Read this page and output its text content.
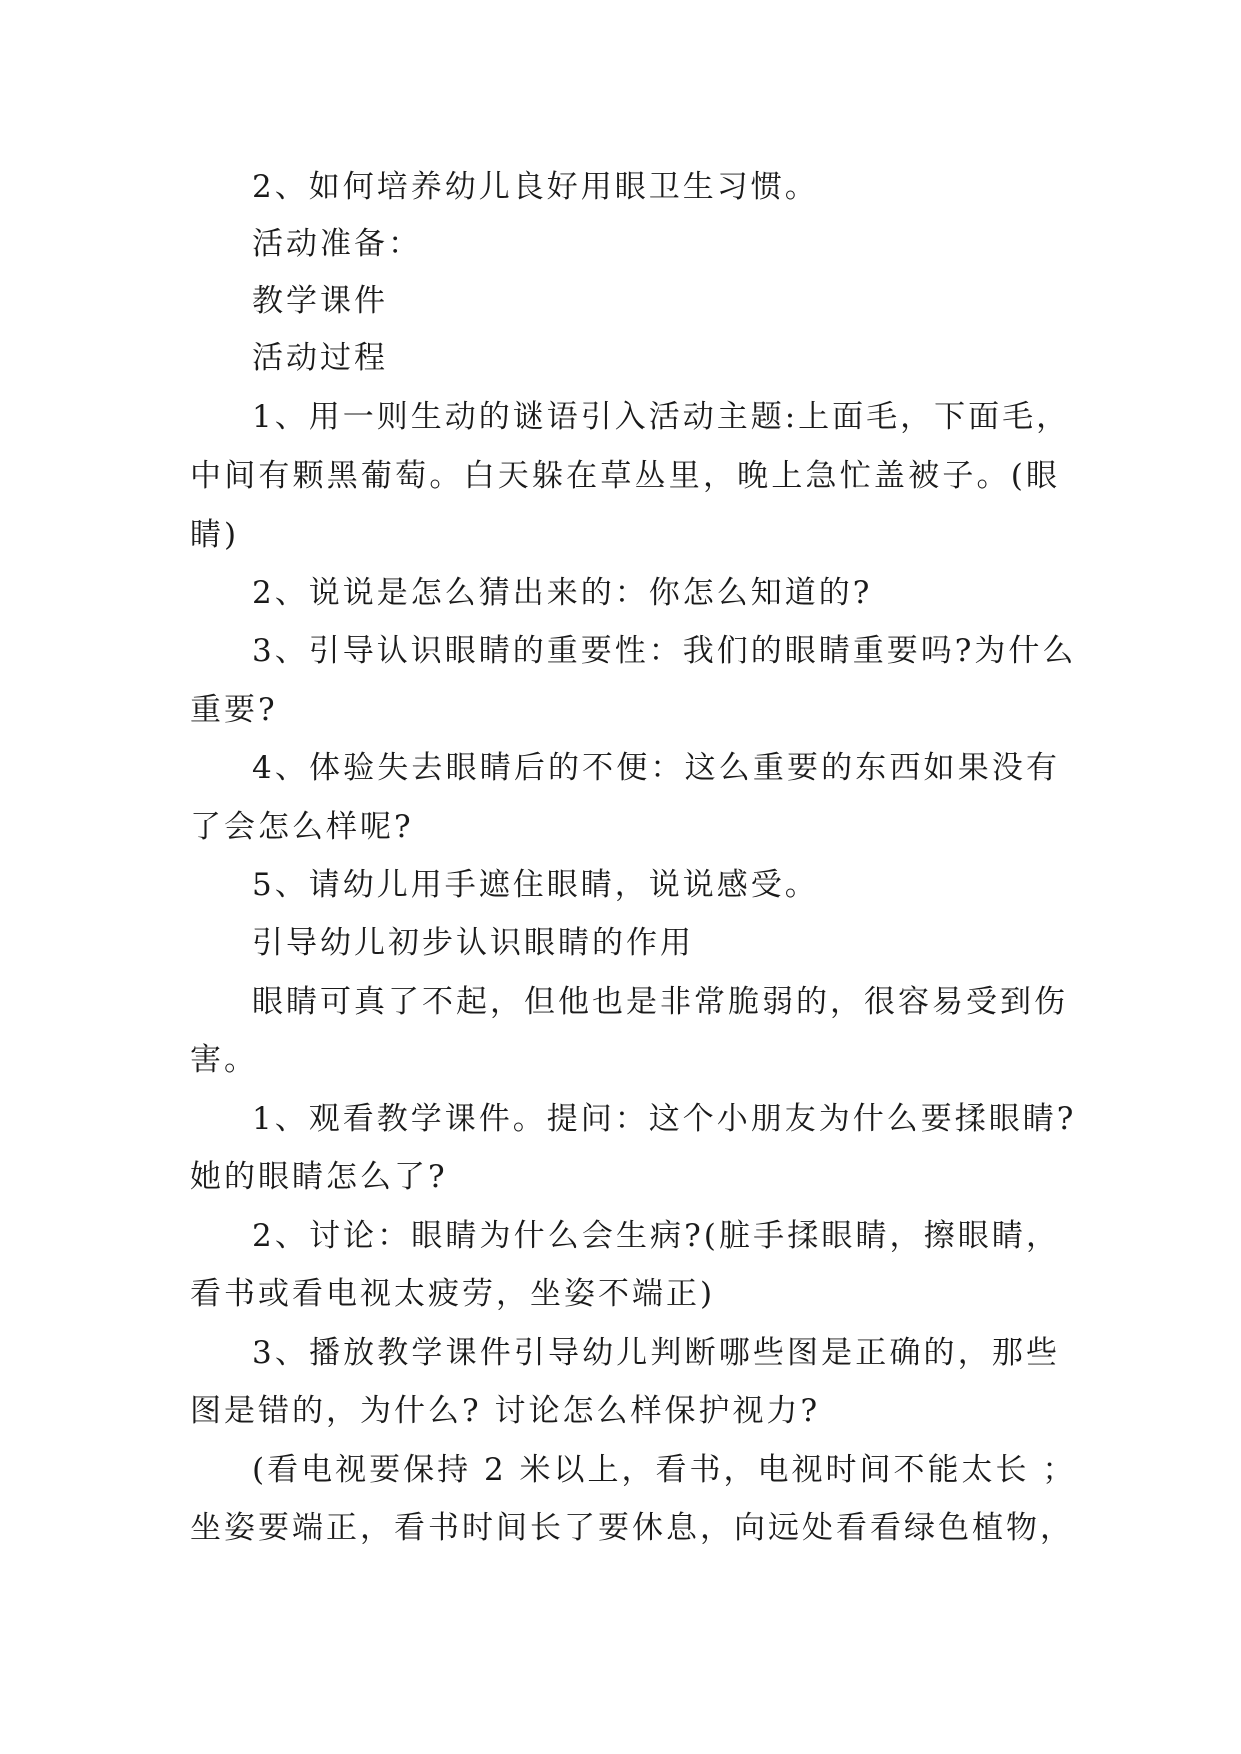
2、如何培养幼儿良好用眼卫生习惯。
活动准备：
教学课件
活动过程
1、用一则生动的谜语引入活动主题:上面毛，下面毛，
中间有颗黑葡萄。白天躲在草丛里，晚上急忙盖被子。(眼
睛)
2、说说是怎么猜出来的：你怎么知道的?
3、引导认识眼睛的重要性：我们的眼睛重要吗?为什么
重要?
4、体验失去眼睛后的不便：这么重要的东西如果没有
了会怎么样呢?
5、请幼儿用手遮住眼睛，说说感受。
引导幼儿初步认识眼睛的作用
眼睛可真了不起，但他也是非常脆弱的，很容易受到伤
害。
1、观看教学课件。提问：这个小朋友为什么要揉眼睛?
她的眼睛怎么了?
2、讨论：眼睛为什么会生病?(脏手揉眼睛，擦眼睛，
看书或看电视太疲劳，坐姿不端正)
3、播放教学课件引导幼儿判断哪些图是正确的，那些
图是错的，为什么? 讨论怎么样保护视力?
(看电视要保持 2 米以上，看书，电视时间不能太长 ；
坐姿要端正，看书时间长了要休息，向远处看看绿色植物，
